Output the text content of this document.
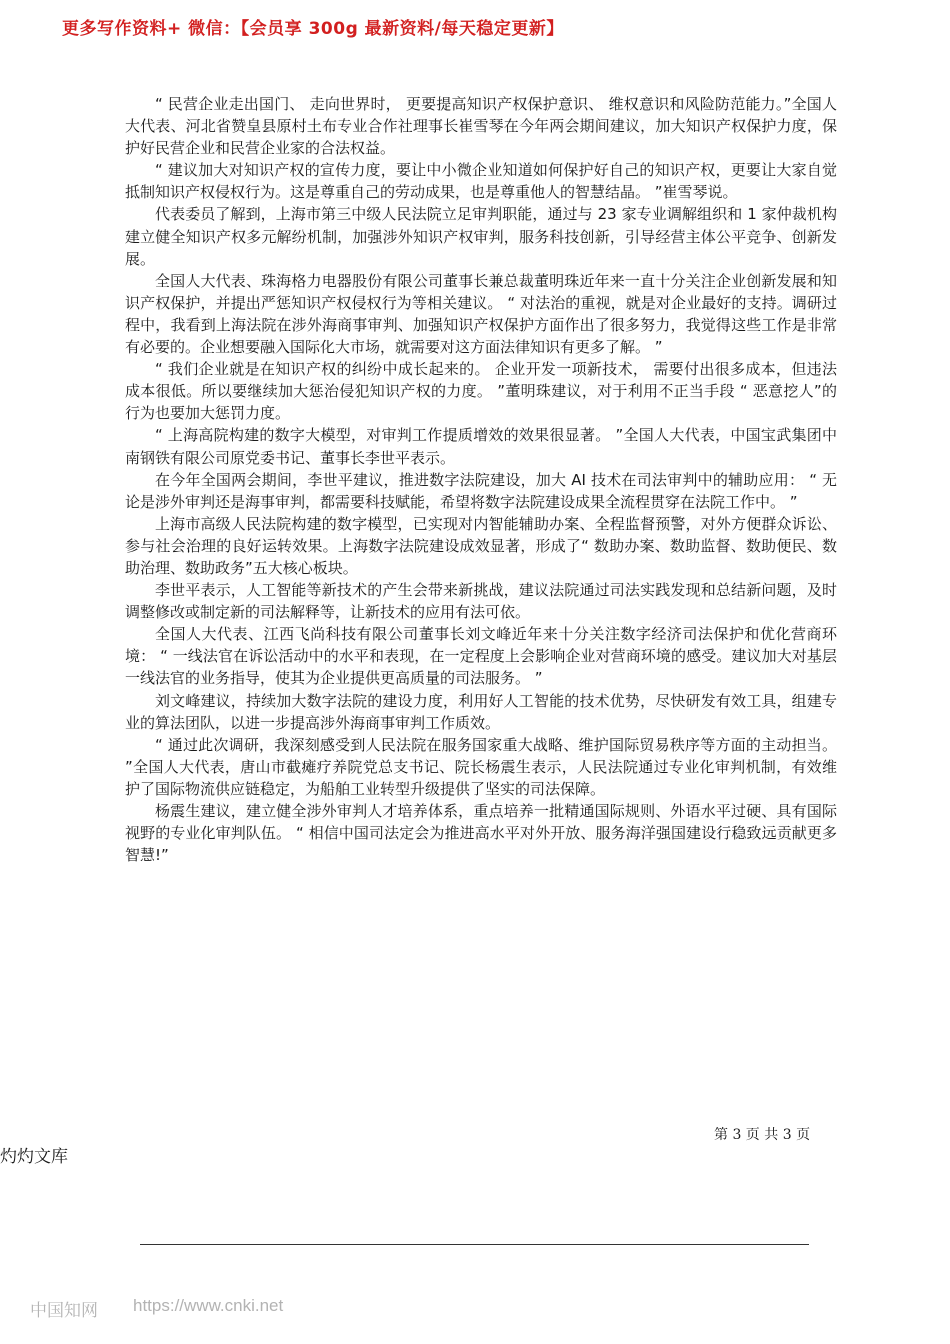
更多写作资料+ 微信：【会员享 300g 最新资料/每天稳定更新】

“ 民营企业走出国门、 走向世界时， 更要提高知识产权保护意识、 维权意识和风险防范能力。”全国人大代表、河北省赞皇县原村土布专业合作社理事长崔雪琴在今年两会期间建议，加大知识产权保护力度，保护好民营企业和民营企业家的合法权益。

“ 建议加大对知识产权的宣传力度，要让中小微企业知道如何保护好自己的知识产权，更要让大家自觉抵制知识产权侵权行为。这是尊重自己的劳动成果，也是尊重他人的智慧结晶。 ”崔雪琴说。

代表委员了解到，上海市第三中级人民法院立足审判职能，通过与 23 家专业调解组织和 1 家仲裁机构建立健全知识产权多元解纷机制，加强涉外知识产权审判，服务科技创新，引导经营主体公平竞争、创新发展。

全国人大代表、珠海格力电器股份有限公司董事长兼总裁董明珠近年来一直十分关注企业创新发展和知识产权保护，并提出严惩知识产权侵权行为等相关建议。 “ 对法治的重视，就是对企业最好的支持。调研过程中，我看到上海法院在涉外海商事审判、加强知识产权保护方面作出了很多努力，我觉得这些工作是非常有必要的。企业想要融入国际化大市场，就需要对这方面法律知识有更多了解。 ”

“ 我们企业就是在知识产权的纠纷中成长起来的。 企业开发一项新技术， 需要付出很多成本，但违法成本很低。所以要继续加大惩治侵犯知识产权的力度。 ”董明珠建议，对于利用不正当手段 “ 恶意挖人”的行为也要加大惩罚力度。

“ 上海高院构建的数字大模型，对审判工作提质增效的效果很显著。 ”全国人大代表，中国宝武集团中南钢铁有限公司原党委书记、董事长李世平表示。

在今年全国两会期间，李世平建议，推进数字法院建设，加大 AI 技术在司法审判中的辅助应用： “ 无论是涉外审判还是海事审判，都需要科技赋能，希望将数字法院建设成果全流程贯穿在法院工作中。 ”

上海市高级人民法院构建的数字模型，已实现对内智能辅助办案、全程监督预警，对外方便群众诉讼、参与社会治理的良好运转效果。上海数字法院建设成效显著，形成了“ 数助办案、数助监督、数助便民、数助治理、数助政务”五大核心板块。

李世平表示，人工智能等新技术的产生会带来新挑战，建议法院通过司法实践发现和总结新问题，及时调整修改或制定新的司法解释等，让新技术的应用有法可依。

全国人大代表、江西飞尚科技有限公司董事长刘文峰近年来十分关注数字经济司法保护和优化营商环境： “ 一线法官在诉讼活动中的水平和表现，在一定程度上会影响企业对营商环境的感受。建议加大对基层一线法官的业务指导，使其为企业提供更高质量的司法服务。 ”

刘文峰建议，持续加大数字法院的建设力度，利用好人工智能的技术优势，尽快研发有效工具，组建专业的算法团队，以进一步提高涉外海商事审判工作质效。

“ 通过此次调研，我深刻感受到人民法院在服务国家重大战略、维护国际贸易秩序等方面的主动担当。 ”全国人大代表，唐山市截瘫疗养院党总支书记、院长杨震生表示，人民法院通过专业化审判机制，有效维护了国际物流供应链稳定，为船舶工业转型升级提供了坚实的司法保障。

杨震生建议，建立健全涉外审判人才培养体系，重点培养一批精通国际规则、外语水平过硬、具有国际视野的专业化审判队伍。 “ 相信中国司法定会为推进高水平对外开放、服务海洋强国建设行稳致远贡献更多智慧!”

第 3 页 共 3 页
灼灼文库
中国知网 https://www.cnki.net
